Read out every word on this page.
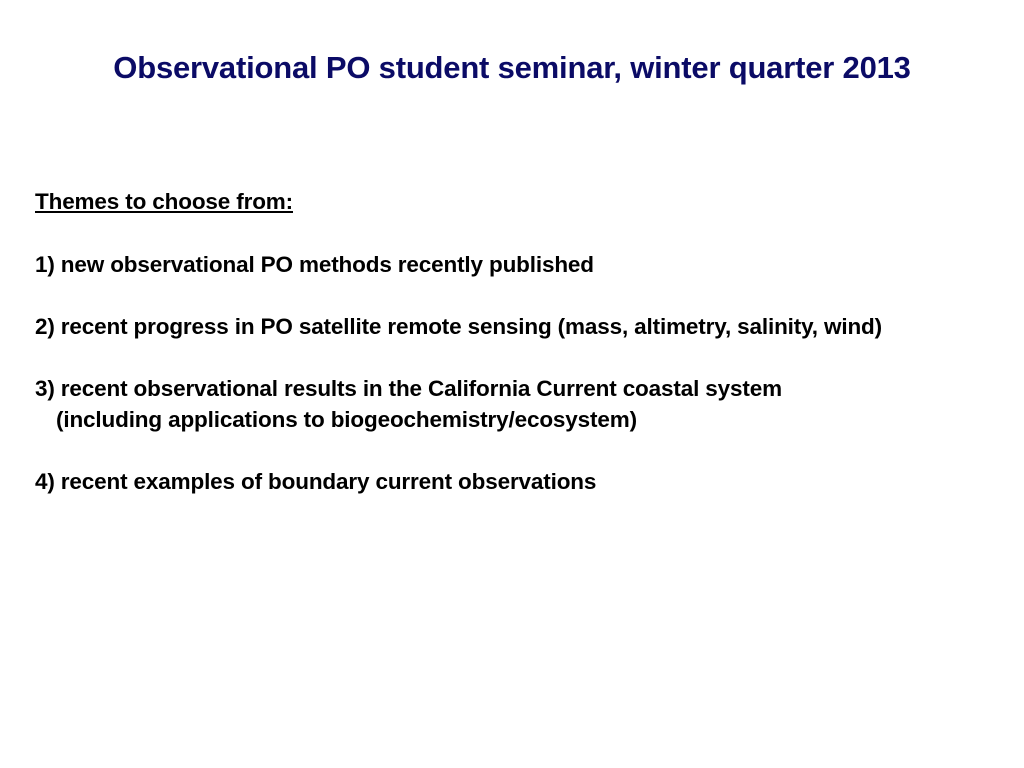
Observational PO student seminar, winter quarter 2013
Themes to choose from:
1) new observational PO methods recently published
2) recent progress in PO satellite remote sensing (mass, altimetry, salinity, wind)
3) recent observational results in the California Current coastal system
(including applications to biogeochemistry/ecosystem)
4) recent examples of boundary current observations
